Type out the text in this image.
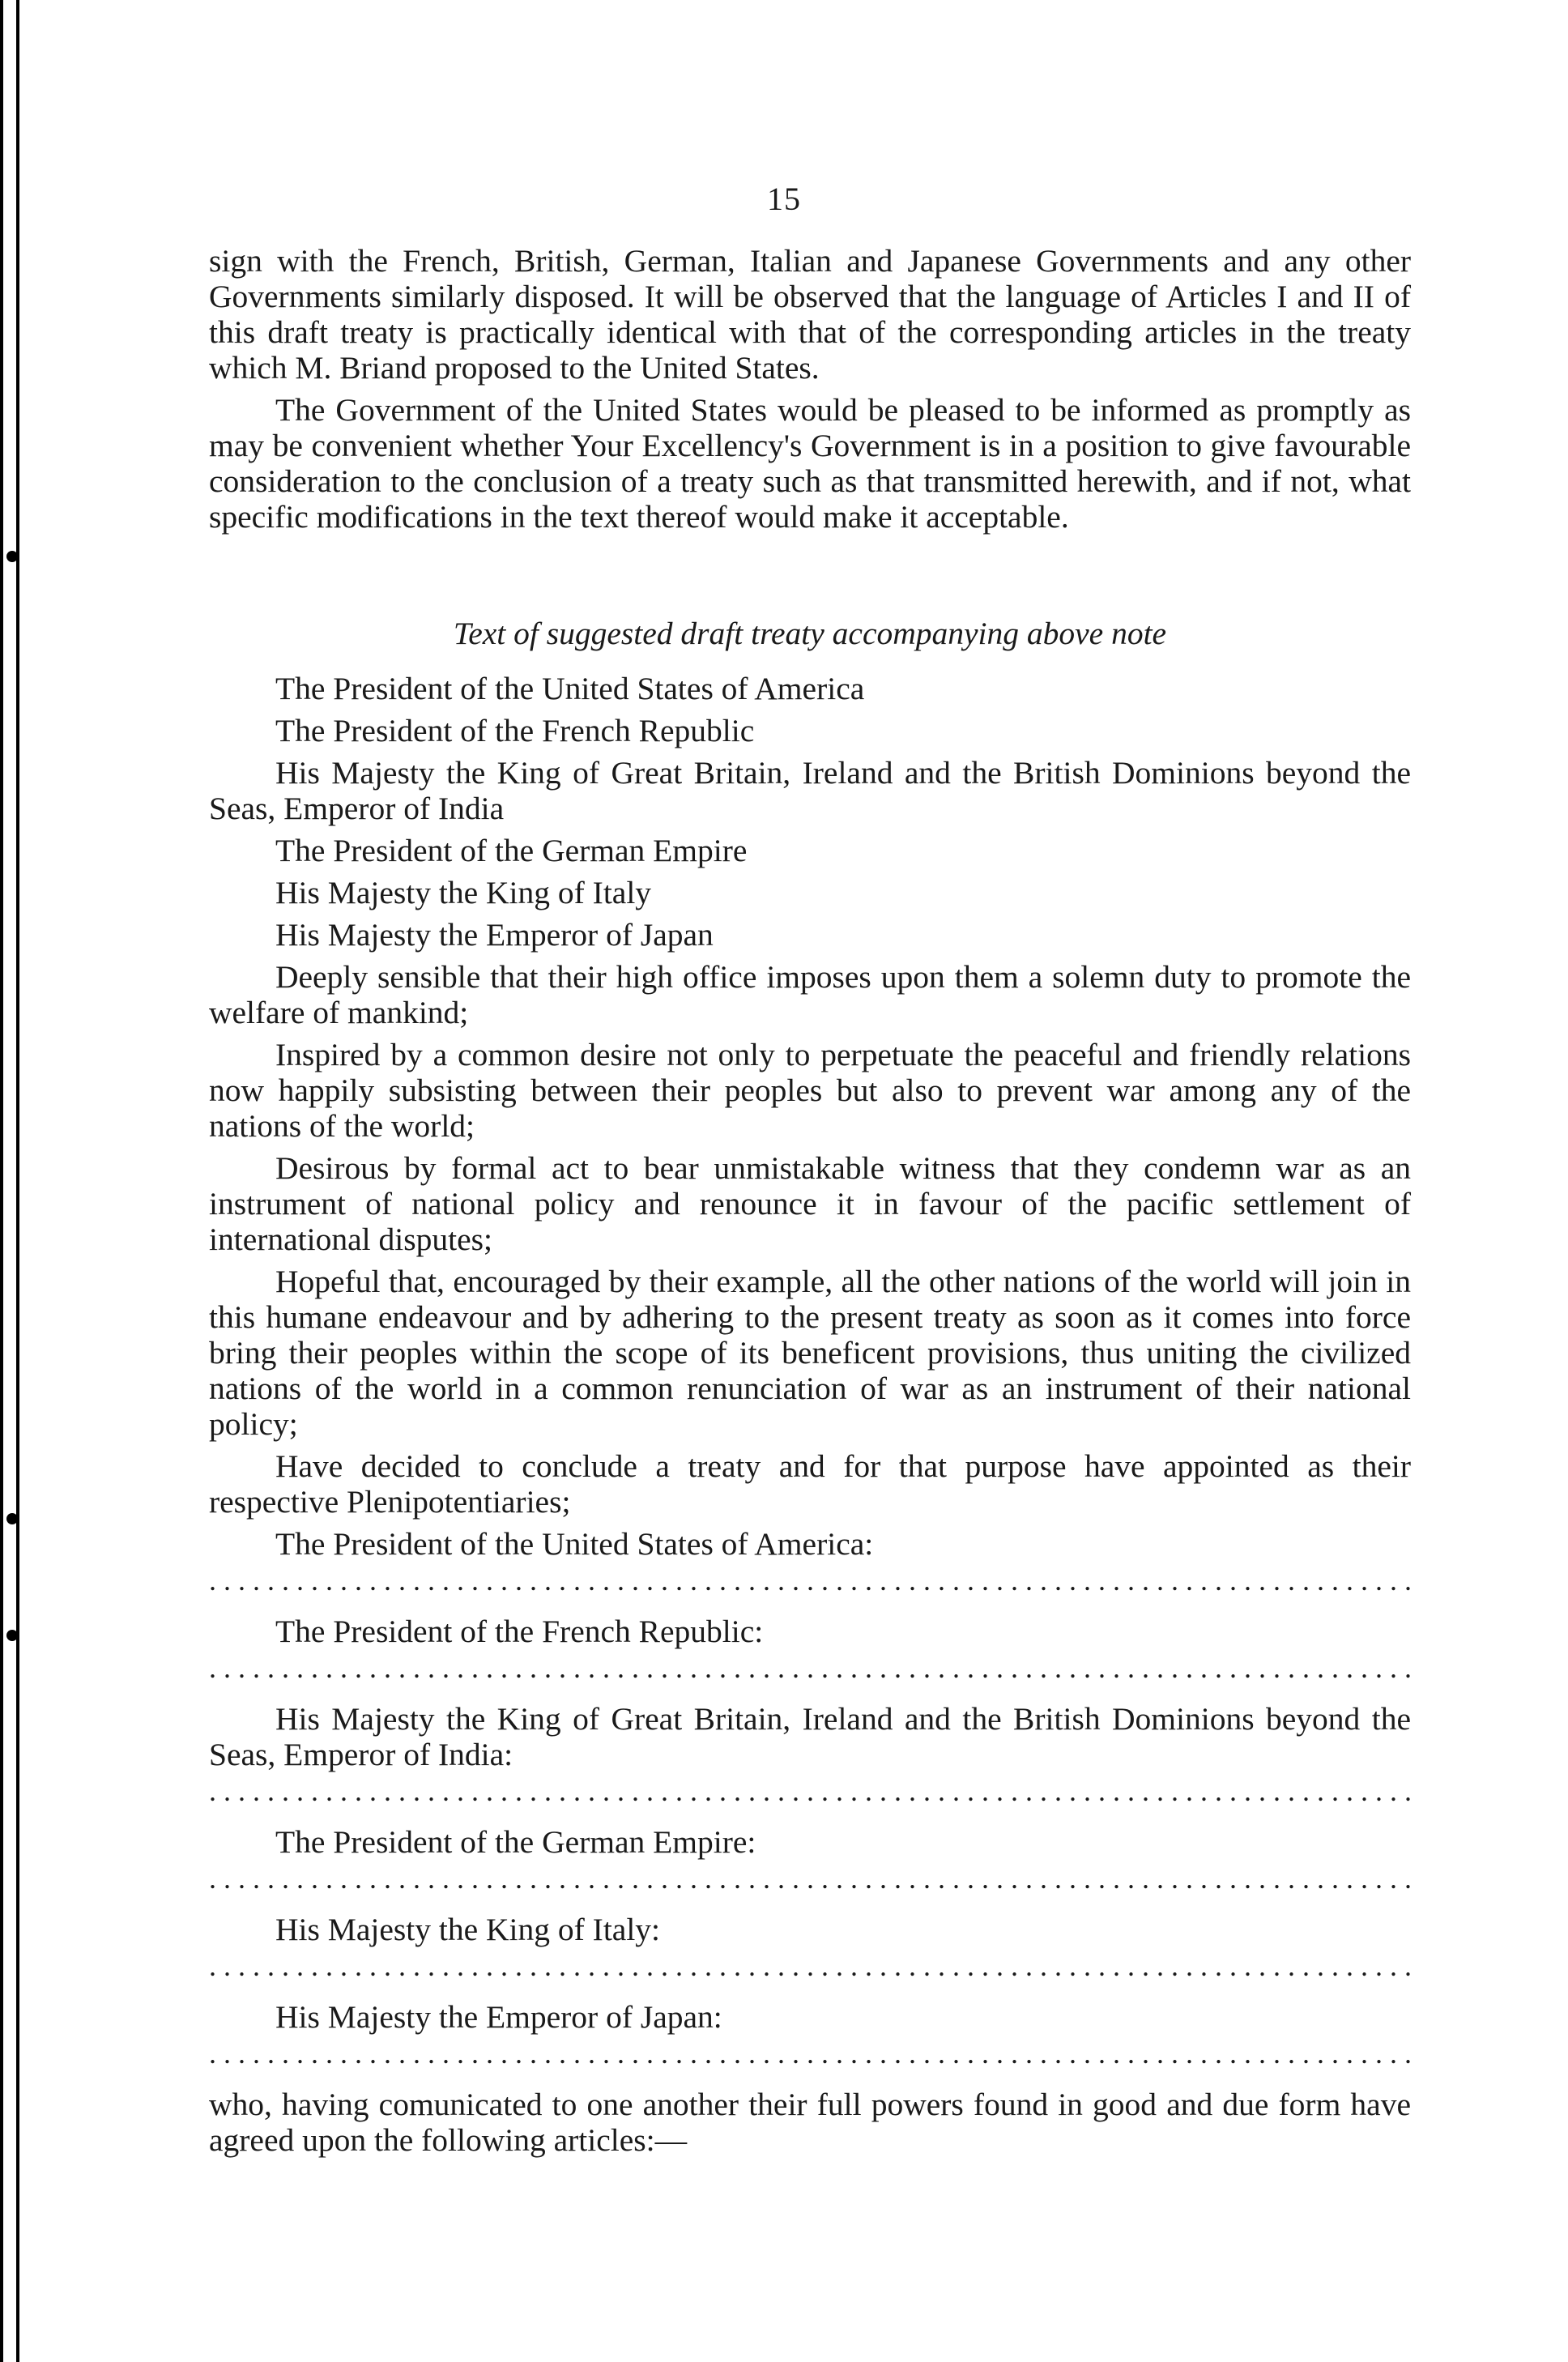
15

sign with the French, British, German, Italian and Japanese Governments and any other Governments similarly disposed. It will be observed that the language of Articles I and II of this draft treaty is practically identical with that of the corresponding articles in the treaty which M. Briand proposed to the United States.

The Government of the United States would be pleased to be informed as promptly as may be convenient whether Your Excellency's Government is in a position to give favourable consideration to the conclusion of a treaty such as that transmitted herewith, and if not, what specific modifications in the text thereof would make it acceptable.

Text of suggested draft treaty accompanying above note
The President of the United States of America
The President of the French Republic
His Majesty the King of Great Britain, Ireland and the British Dominions beyond the Seas, Emperor of India
The President of the German Empire
His Majesty the King of Italy
His Majesty the Emperor of Japan

Deeply sensible that their high office imposes upon them a solemn duty to promote the welfare of mankind;

Inspired by a common desire not only to perpetuate the peaceful and friendly relations now happily subsisting between their peoples but also to prevent war among any of the nations of the world;

Desirous by formal act to bear unmistakable witness that they condemn war as an instrument of national policy and renounce it in favour of the pacific settlement of international disputes;

Hopeful that, encouraged by their example, all the other nations of the world will join in this humane endeavour and by adhering to the present treaty as soon as it comes into force bring their peoples within the scope of its beneficent provisions, thus uniting the civilized nations of the world in a common renunciation of war as an instrument of their national policy;

Have decided to conclude a treaty and for that purpose have appointed as their respective Plenipotentiaries;

The President of the United States of America:
.....
The President of the French Republic:
.....
His Majesty the King of Great Britain, Ireland and the British Dominions beyond the Seas, Emperor of India:
.....
The President of the German Empire:
.....
His Majesty the King of Italy:
.....
His Majesty the Emperor of Japan:
.....

who, having comunicated to one another their full powers found in good and due form have agreed upon the following articles:—
